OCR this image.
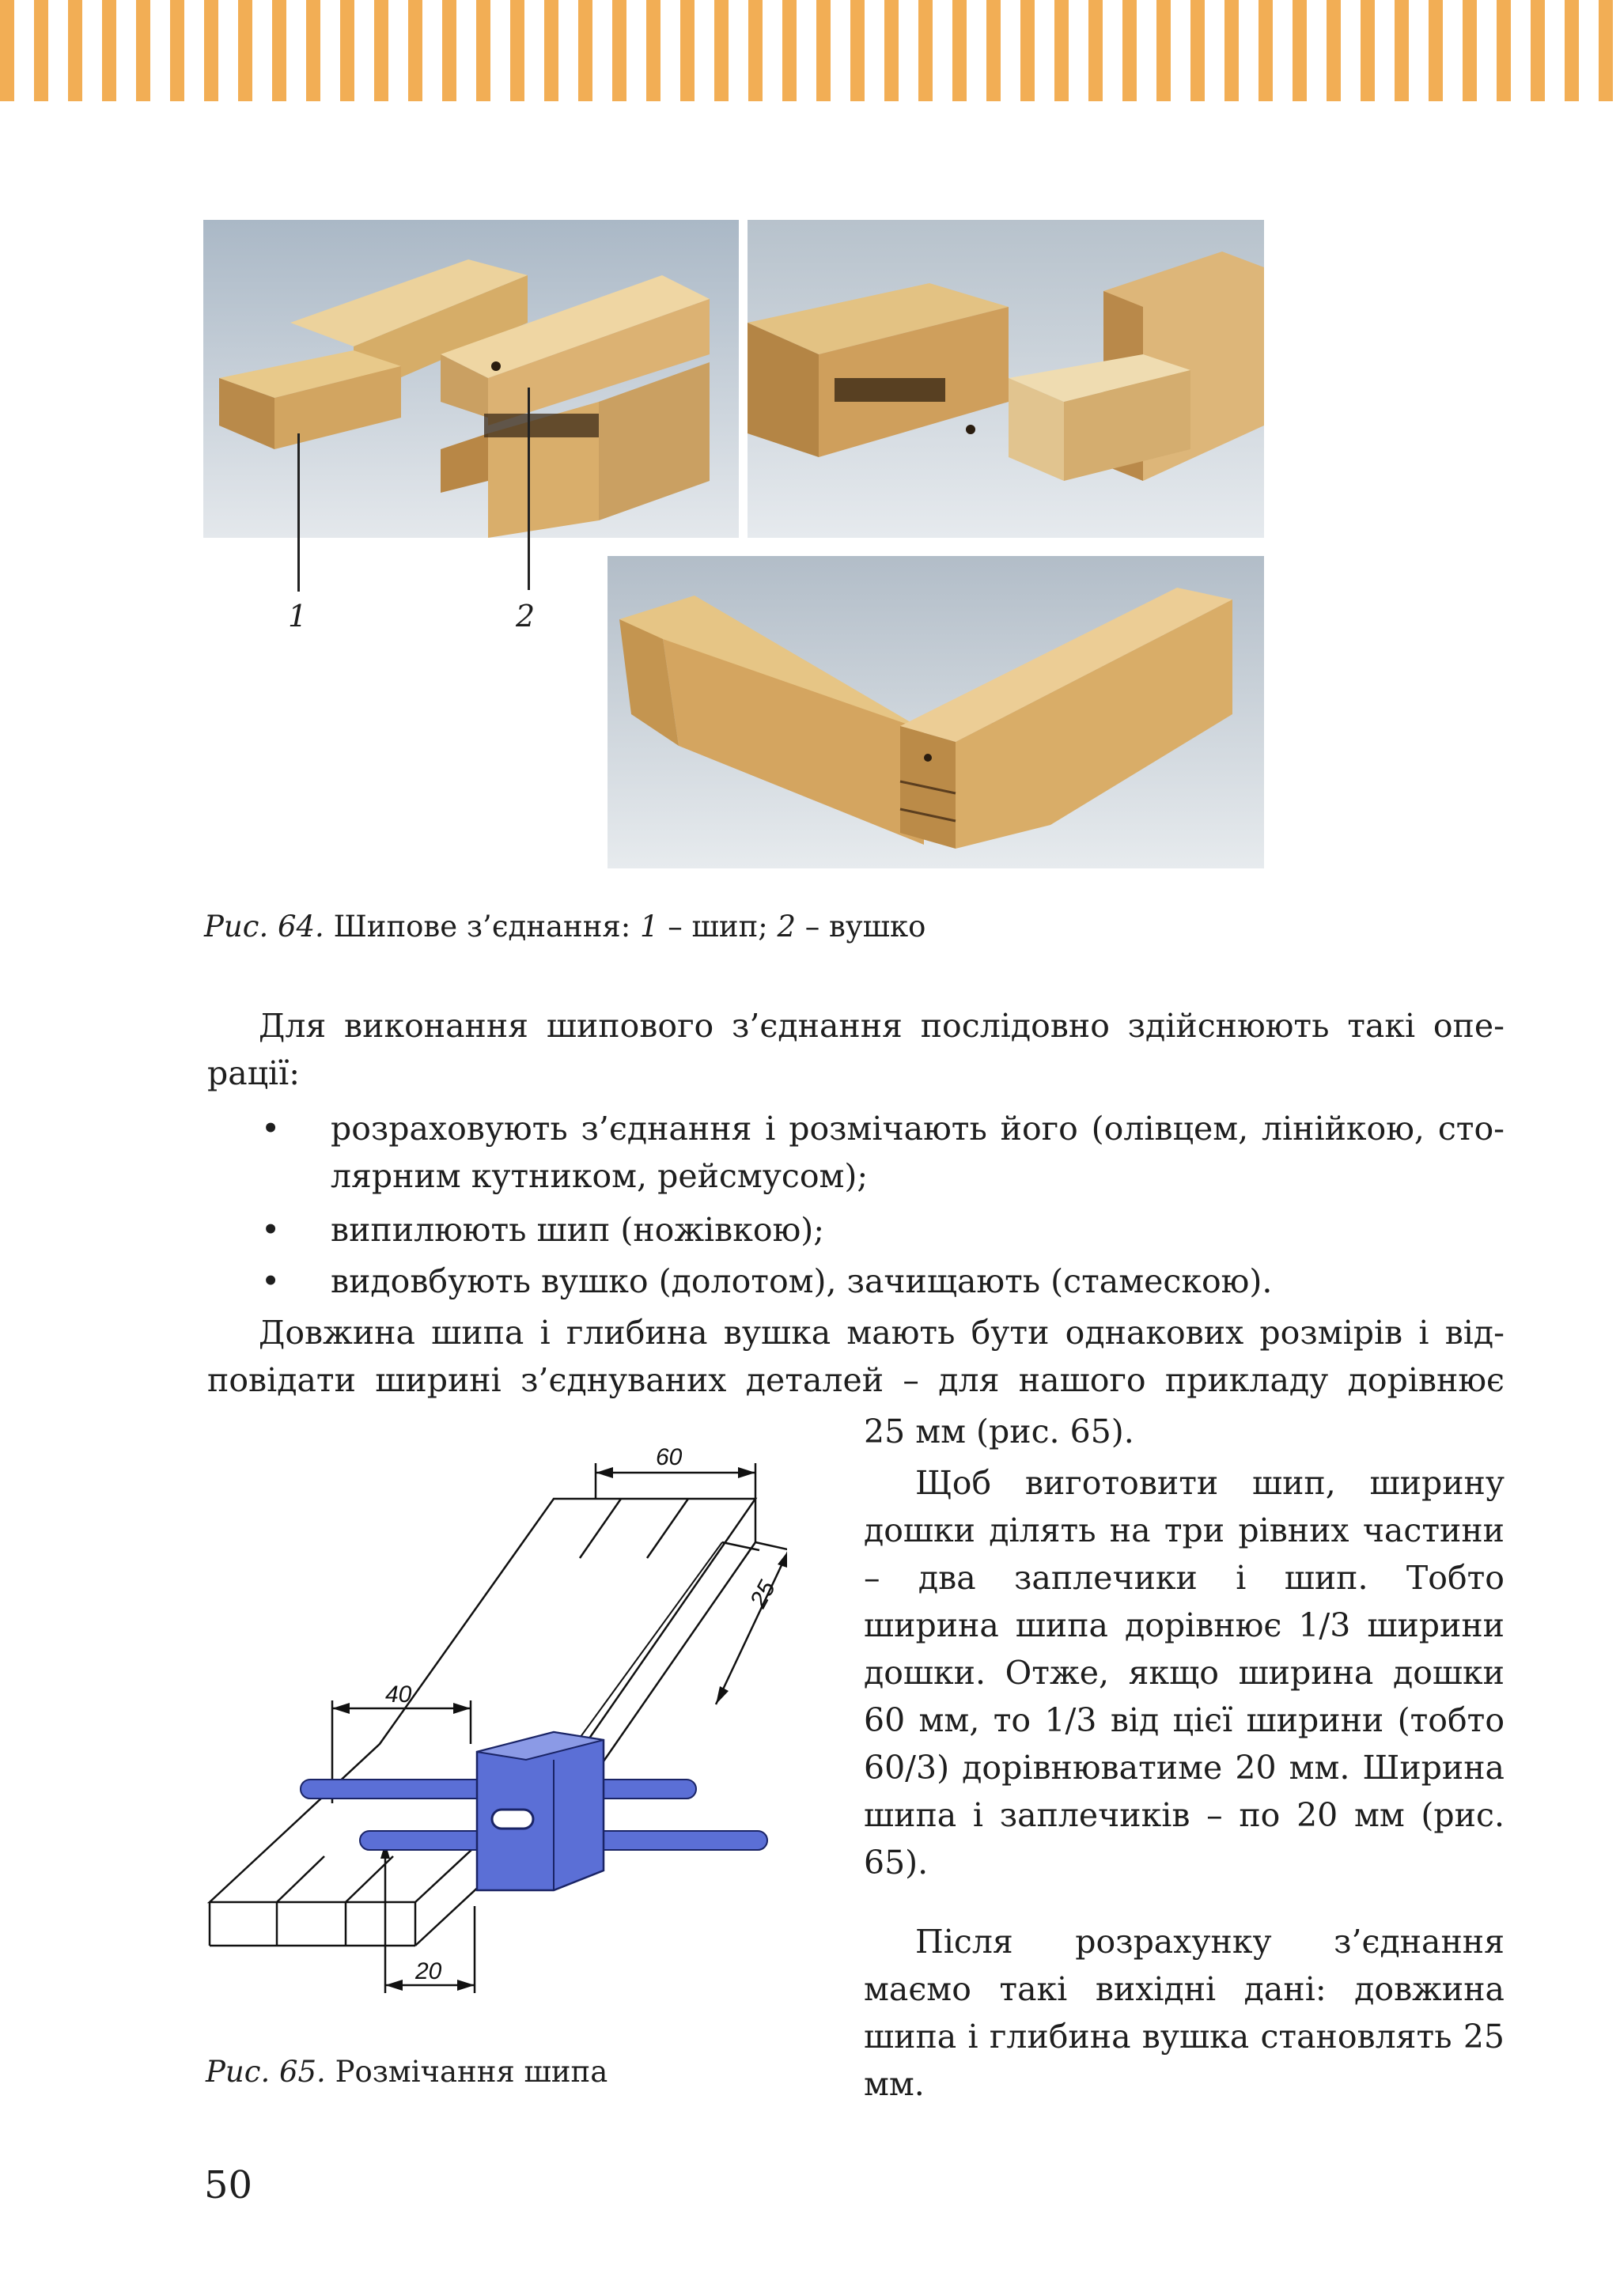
1	2
Рис. 64. Шипове з’єднання: 1 – шип; 2 – вушко
Для виконання шипового з’єднання послідовно здійснюють такі опе-
рації:
• розраховують з’єднання і розмічають його (олівцем, лінійкою, сто-
лярним кутником, рейсмусом);
•	випилюють шип (ножівкою);
•	видовбують вушко (долотом), зачищають (стамескою).
Довжина шипа і глибина вушка мають бути однакових розмірів і від-
повідати ширині з’єднуваних деталей – для нашого прикладу дорівнює
25 мм (рис. 65).
Щоб виготовити шип, ширину дошки ділять на три рівних частини – два заплечики і шип. Тобто ширина шипа дорівнює 1/3 ширини дошки. Отже, якщо ширина дошки 60 мм, то 1/3 від цієї ширини (тобто 60/3) дорівнюватиме 20 мм. Ширина шипа і заплечиків – по 20 мм (рис. 65).
Після розрахунку з’єднання маємо такі вихідні дані: довжина шипа і глибина вушка становлять 25 мм.
60
25
40
20
Рис. 65. Розмічання шипа
50
